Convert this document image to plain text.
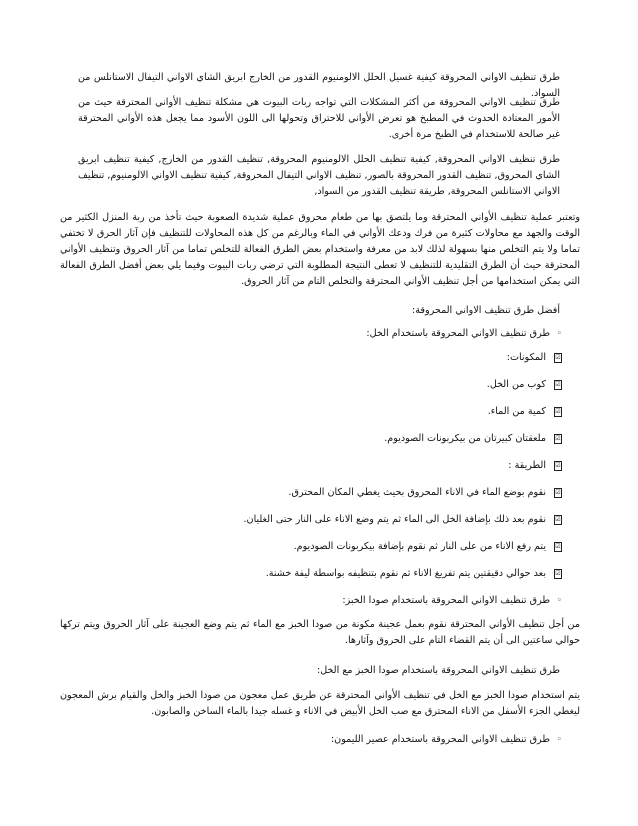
طرق تنظيف الاواني المحروقة كيفية غسيل الحلل الالومنيوم القدور من الخارج ابريق الشاي الاواني التيفال الاستانلس من السواد.
طرق تنظيف الاواني المحروقة من أكثر المشكلات التي تواجه ربات البيوت هي مشكلة تنظيف الأواني المحترقة حيث من الأمور المعتادة الحدوث في المطبخ هو تعرض الأواني للاحتراق وتحولها الى اللون الأسود مما يجعل هذه الأواني المحترقة غير صالحة للاستخدام في الطبخ مرة أخرى.
طرق تنظيف الاواني المحروقة, كيفية تنظيف الحلل الالومنيوم المحروقة, تنظيف القدور من الخارج, كيفية تنظيف ابريق الشاي المحروق, تنظيف القدور المحروقة بالصور, تنظيف الاواني التيفال المحروقة, كيفية تنظيف الاواني الالومنيوم, تنظيف الاواني الاستانلس المحروقة, طريقة تنظيف القدور من السواد,
وتعتبر عملية تنظيف الأواني المحترقة وما يلتصق بها من طعام محروق عملية شديدة الصعوبة حيث تأخذ من ربة المنزل الكثير من الوقت والجهد مع محاولات كثيرة من فرك ودعك الأواني في الماء وبالرغم من كل هذه المحاولات للتنظيف فإن آثار الحرق لا تختفي تماما ولا يتم التخلص منها بسهولة لذلك لابد من معرفة واستخدام بعض الطرق الفعالة للتخلص تماما من آثار الحروق وتنظيف الأواني المحترقة حيث أن الطرق التقليدية للتنظيف لا تعطى النتيجة المطلوبة التي ترضي ربات البيوت وفيما يلي بعض أفضل الطرق الفعالة التي يمكن استخدامها من أجل تنظيف الأواني المحترقة والتخلص التام من آثار الحروق.
أفضل طرق تنظيف الاواني المحروقة:
◦
طرق تنظيف الاواني المحروقة باستخدام الخل:
☑
المكونات:
☑
كوب من الخل.
☑
كمية من الماء.
☑
ملعقتان كبيرتان من بيكربونات الصوديوم.
☑
الطريقة :
☑
نقوم بوضع الماء في الاناء المحروق بحيث يغطي المكان المحترق.
☑
نقوم بعد ذلك بإضافة الخل الى الماء ثم يتم وضع الاناء على النار حتى الغليان.
☑
يتم رفع الاناء من على النار ثم نقوم بإضافة بيكربونات الصوديوم.
☑
بعد حوالي دقيقتين يتم تفريغ الاناء ثم نقوم بتنظيفه بواسطة ليفة خشنة.
◦
طرق تنظيف الاواني المحروقة باستخدام صودا الخبز:
من أجل تنظيف الأواني المحترقة نقوم بعمل عجينة مكونة من صودا الخبز مع الماء ثم يتم وضع العجينة على آثار الحروق ويتم تركها حوالي ساعتين الى أن يتم القضاء التام على الحروق وآثارها.
طرق تنظيف الاواني المحروقة باستخدام صودا الخبز مع الخل:
يتم استخدام صودا الخبز مع الخل في تنظيف الأواني المحترقة عن طريق عمل معجون من صودا الخبز والخل والقيام برش المعجون ليغطي الجزء الأسفل من الاناء المحترق مع صب الخل الأبيض في الاناء و غسله جيدا بالماء الساخن والصابون.
◦
طرق تنظيف الاواني المحروقة باستخدام عصير الليمون:
